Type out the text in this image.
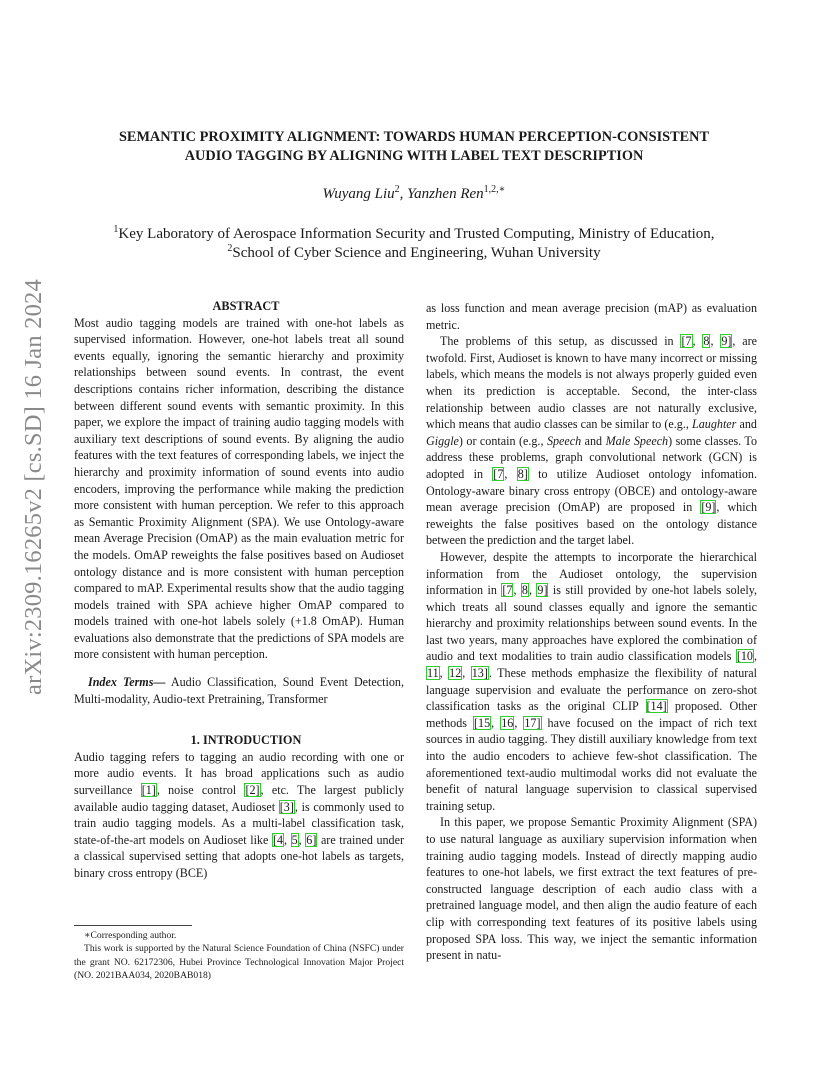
arXiv:2309.16265v2 [cs.SD] 16 Jan 2024
SEMANTIC PROXIMITY ALIGNMENT: TOWARDS HUMAN PERCEPTION-CONSISTENT
AUDIO TAGGING BY ALIGNING WITH LABEL TEXT DESCRIPTION
Wuyang Liu$^2$, Yanzhen Ren$^{1,2,∗}$
$^1$Key Laboratory of Aerospace Information Security and Trusted Computing, Ministry of Education,
$^2$School of Cyber Science and Engineering, Wuhan University

ABSTRACT

Most audio tagging models are trained with one-hot labels as supervised information. However, one-hot labels treat all sound events equally, ignoring the semantic hierarchy and proximity relationships between sound events. In contrast, the event descriptions contains richer information, describing the distance between different sound events with semantic proximity. In this paper, we explore the impact of training audio tagging models with auxiliary text descriptions of sound events. By aligning the audio features with the text features of corresponding labels, we inject the hierarchy and proximity information of sound events into audio encoders, improving the performance while making the prediction more consistent with human perception. We refer to this approach as Semantic Proximity Alignment (SPA). We use Ontology-aware mean Average Precision (OmAP) as the main evaluation metric for the models. OmAP reweights the false positives based on Audioset ontology distance and is more consistent with human perception compared to mAP. Experimental results show that the audio tagging models trained with SPA achieve higher OmAP compared to models trained with one-hot labels solely (+1.8 OmAP). Human evaluations also demonstrate that the predictions of SPA models are more consistent with human perception.

Index Terms— Audio Classification, Sound Event Detection, Multi-modality, Audio-text Pretraining, Transformer

1. INTRODUCTION

Audio tagging refers to tagging an audio recording with one or more audio events. It has broad applications such as audio surveillance [1], noise control [2], etc. The largest publicly available audio tagging dataset, Audioset [3], is commonly used to train audio tagging models. As a multi-label classification task, state-of-the-art models on Audioset like [4, 5, 6] are trained under a classical supervised setting that adopts one-hot labels as targets, binary cross entropy (BCE)

as loss function and mean average precision (mAP) as evaluation metric.

The problems of this setup, as discussed in [7, 8, 9], are twofold. First, Audioset is known to have many incorrect or missing labels, which means the models is not always properly guided even when its prediction is acceptable. Second, the inter-class relationship between audio classes are not naturally exclusive, which means that audio classes can be similar to (e.g., Laughter and Giggle) or contain (e.g., Speech and Male Speech) some classes. To address these problems, graph convolutional network (GCN) is adopted in [7, 8] to utilize Audioset ontology infomation. Ontology-aware binary cross entropy (OBCE) and ontology-aware mean average precision (OmAP) are proposed in [9], which reweights the false positives based on the ontology distance between the prediction and the target label.

However, despite the attempts to incorporate the hierarchical information from the Audioset ontology, the supervision information in [7, 8, 9] is still provided by one-hot labels solely, which treats all sound classes equally and ignore the semantic hierarchy and proximity relationships between sound events. In the last two years, many approaches have explored the combination of audio and text modalities to train audio classification models [10, 11, 12, 13]. These methods emphasize the flexibility of natural language supervision and evaluate the performance on zero-shot classification tasks as the original CLIP [14] proposed. Other methods [15, 16, 17] have focused on the impact of rich text sources in audio tagging. They distill auxiliary knowledge from text into the audio encoders to achieve few-shot classification. The aforementioned text-audio multimodal works did not evaluate the benefit of natural language supervision to classical supervised training setup.

In this paper, we propose Semantic Proximity Alignment (SPA) to use natural language as auxiliary supervision information when training audio tagging models. Instead of directly mapping audio features to one-hot labels, we first extract the text features of pre-constructed language description of each audio class with a pretrained language model, and then align the audio feature of each clip with corresponding text features of its positive labels using proposed SPA loss. This way, we inject the semantic information present in natu-

∗Corresponding author.

This work is supported by the Natural Science Foundation of China (NSFC) under the grant NO. 62172306, Hubei Province Technological Innovation Major Project (NO. 2021BAA034, 2020BAB018)
